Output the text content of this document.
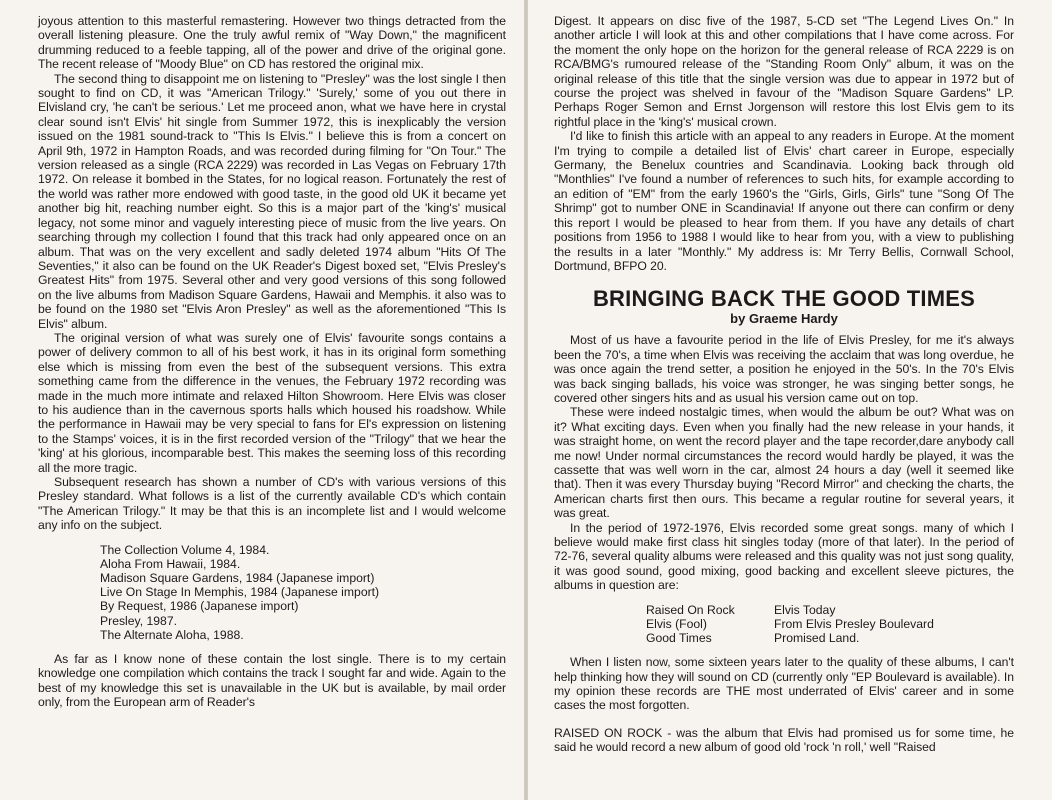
joyous attention to this masterful remastering. However two things detracted from the overall listening pleasure. One the truly awful remix of "Way Down," the magnificent drumming reduced to a feeble tapping, all of the power and drive of the original gone. The recent release of "Moody Blue" on CD has restored the original mix.

The second thing to disappoint me on listening to "Presley" was the lost single I then sought to find on CD, it was "American Trilogy." 'Surely,' some of you out there in Elvisland cry, 'he can't be serious.' Let me proceed anon, what we have here in crystal clear sound isn't Elvis' hit single from Summer 1972, this is inexplicably the version issued on the 1981 sound-track to "This Is Elvis." I believe this is from a concert on April 9th, 1972 in Hampton Roads, and was recorded during filming for "On Tour." The version released as a single (RCA 2229) was recorded in Las Vegas on February 17th 1972. On release it bombed in the States, for no logical reason. Fortunately the rest of the world was rather more endowed with good taste, in the good old UK it became yet another big hit, reaching number eight. So this is a major part of the 'king's' musical legacy, not some minor and vaguely interesting piece of music from the live years. On searching through my collection I found that this track had only appeared once on an album. That was on the very excellent and sadly deleted 1974 album "Hits Of The Seventies," it also can be found on the UK Reader's Digest boxed set, "Elvis Presley's Greatest Hits" from 1975. Several other and very good versions of this song followed on the live albums from Madison Square Gardens, Hawaii and Memphis. it also was to be found on the 1980 set "Elvis Aron Presley" as well as the aforementioned "This Is Elvis" album.

The original version of what was surely one of Elvis' favourite songs contains a power of delivery common to all of his best work, it has in its original form something else which is missing from even the best of the subsequent versions. This extra something came from the difference in the venues, the February 1972 recording was made in the much more intimate and relaxed Hilton Showroom. Here Elvis was closer to his audience than in the cavernous sports halls which housed his roadshow. While the performance in Hawaii may be very special to fans for El's expression on listening to the Stamps' voices, it is in the first recorded version of the "Trilogy" that we hear the 'king' at his glorious, incomparable best. This makes the seeming loss of this recording all the more tragic.

Subsequent research has shown a number of CD's with various versions of this Presley standard. What follows is a list of the currently available CD's which contain "The American Trilogy." It may be that this is an incomplete list and I would welcome any info on the subject.

The Collection Volume 4, 1984.
Aloha From Hawaii, 1984.
Madison Square Gardens, 1984 (Japanese import)
Live On Stage In Memphis, 1984 (Japanese import)
By Request, 1986 (Japanese import)
Presley, 1987.
The Alternate Aloha, 1988.

As far as I know none of these contain the lost single. There is to my certain knowledge one compilation which contains the track I sought far and wide. Again to the best of my knowledge this set is unavailable in the UK but is available, by mail order only, from the European arm of Reader's

Digest. It appears on disc five of the 1987, 5-CD set "The Legend Lives On." In another article I will look at this and other compilations that I have come across. For the moment the only hope on the horizon for the general release of RCA 2229 is on RCA/BMG's rumoured release of the "Standing Room Only" album, it was on the original release of this title that the single version was due to appear in 1972 but of course the project was shelved in favour of the "Madison Square Gardens" LP. Perhaps Roger Semon and Ernst Jorgenson will restore this lost Elvis gem to its rightful place in the 'king's' musical crown.

I'd like to finish this article with an appeal to any readers in Europe. At the moment I'm trying to compile a detailed list of Elvis' chart career in Europe, especially Germany, the Benelux countries and Scandinavia. Looking back through old "Monthlies" I've found a number of references to such hits, for example according to an edition of "EM" from the early 1960's the "Girls, Girls, Girls" tune "Song Of The Shrimp" got to number ONE in Scandinavia! If anyone out there can confirm or deny this report I would be pleased to hear from them. If you have any details of chart positions from 1956 to 1988 I would like to hear from you, with a view to publishing the results in a later "Monthly." My address is: Mr Terry Bellis, Cornwall School, Dortmund, BFPO 20.

BRINGING BACK THE GOOD TIMES
by Graeme Hardy

Most of us have a favourite period in the life of Elvis Presley, for me it's always been the 70's, a time when Elvis was receiving the acclaim that was long overdue, he was once again the trend setter, a position he enjoyed in the 50's. In the 70's Elvis was back singing ballads, his voice was stronger, he was singing better songs, he covered other singers hits and as usual his version came out on top.

These were indeed nostalgic times, when would the album be out? What was on it? What exciting days. Even when you finally had the new release in your hands, it was straight home, on went the record player and the tape recorder,dare anybody call me now! Under normal circumstances the record would hardly be played, it was the cassette that was well worn in the car, almost 24 hours a day (well it seemed like that). Then it was every Thursday buying "Record Mirror" and checking the charts, the American charts first then ours. This became a regular routine for several years, it was great.

In the period of 1972-1976, Elvis recorded some great songs. many of which I believe would make first class hit singles today (more of that later). In the period of 72-76, several quality albums were released and this quality was not just song quality, it was good sound, good mixing, good backing and excellent sleeve pictures, the albums in question are:

Raised On Rock	Elvis Today
Elvis (Fool)	From Elvis Presley Boulevard
Good Times	Promised Land.

When I listen now, some sixteen years later to the quality of these albums, I can't help thinking how they will sound on CD (currently only "EP Boulevard is available). In my opinion these records are THE most underrated of Elvis' career and in some cases the most forgotten.

RAISED ON ROCK - was the album that Elvis had promised us for some time, he said he would record a new album of good old 'rock 'n roll,' well "Raised
